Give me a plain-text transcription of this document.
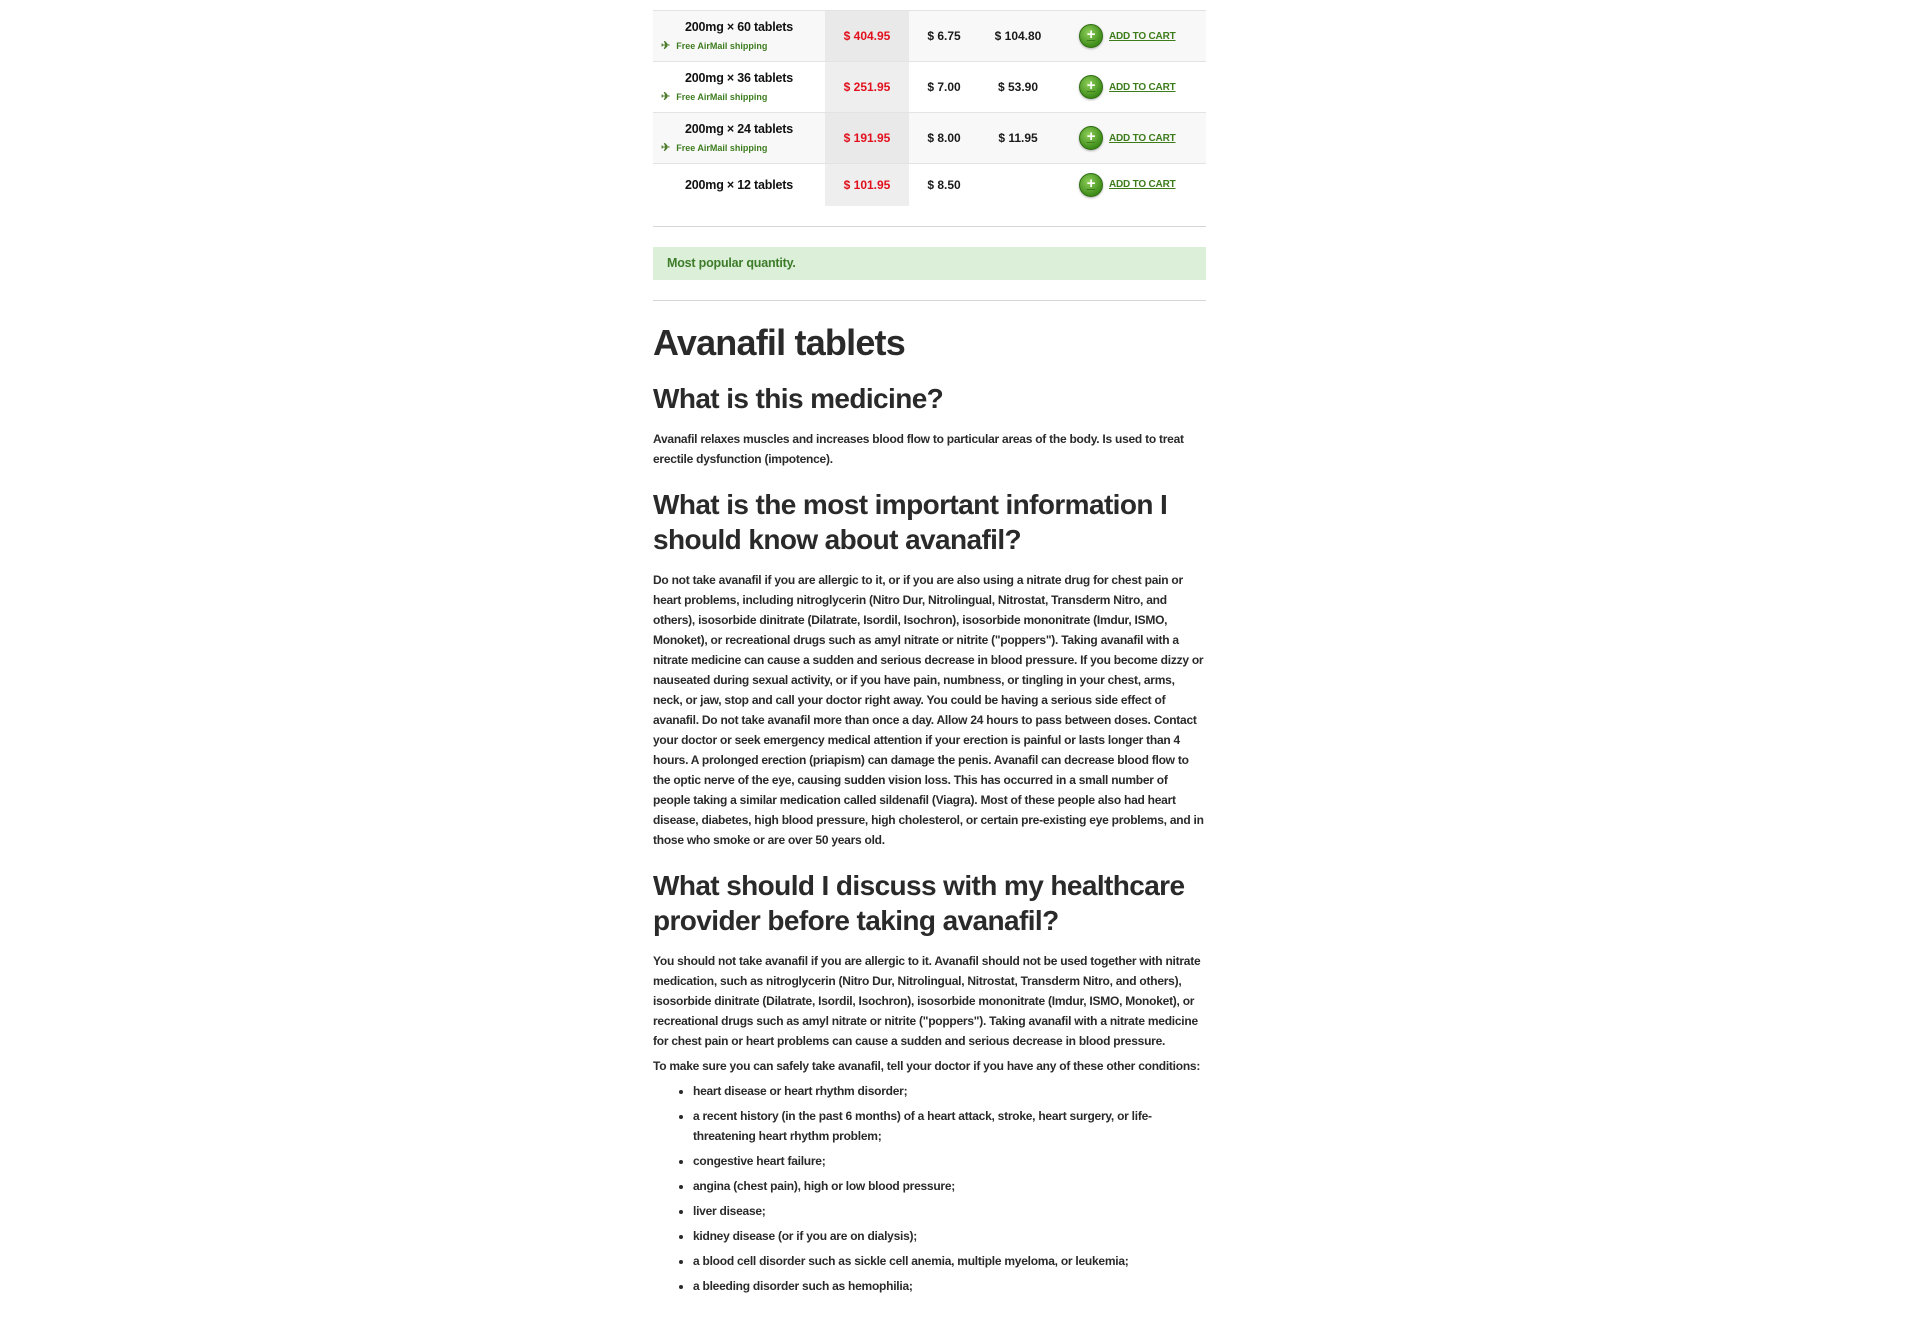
200mg × 60 tablets
✈ Free AirMail shipping	$ 404.95	$ 6.75	$ 104.80	+ ADD TO CART

200mg × 36 tablets
✈ Free AirMail shipping	$ 251.95	$ 7.00	$ 53.90	+ ADD TO CART

200mg × 24 tablets
✈ Free AirMail shipping	$ 191.95	$ 8.00	$ 11.95	+ ADD TO CART

200mg × 12 tablets	$ 101.95	$ 8.50		+ ADD TO CART
Most popular quantity.
Avanafil tablets
What is this medicine?

Avanafil relaxes muscles and increases blood flow to particular areas of the body. Is used to treat erectile dysfunction (impotence).

What is the most important information I should know about avanafil?

Do not take avanafil if you are allergic to it, or if you are also using a nitrate drug for chest pain or heart problems, including nitroglycerin (Nitro Dur, Nitrolingual, Nitrostat, Transderm Nitro, and others), isosorbide dinitrate (Dilatrate, Isordil, Isochron), isosorbide mononitrate (Imdur, ISMO, Monoket), or recreational drugs such as amyl nitrate or nitrite ("poppers"). Taking avanafil with a nitrate medicine can cause a sudden and serious decrease in blood pressure. If you become dizzy or nauseated during sexual activity, or if you have pain, numbness, or tingling in your chest, arms, neck, or jaw, stop and call your doctor right away. You could be having a serious side effect of avanafil. Do not take avanafil more than once a day. Allow 24 hours to pass between doses. Contact your doctor or seek emergency medical attention if your erection is painful or lasts longer than 4 hours. A prolonged erection (priapism) can damage the penis. Avanafil can decrease blood flow to the optic nerve of the eye, causing sudden vision loss. This has occurred in a small number of people taking a similar medication called sildenafil (Viagra). Most of these people also had heart disease, diabetes, high blood pressure, high cholesterol, or certain pre-existing eye problems, and in those who smoke or are over 50 years old.

What should I discuss with my healthcare provider before taking avanafil?

You should not take avanafil if you are allergic to it. Avanafil should not be used together with nitrate medication, such as nitroglycerin (Nitro Dur, Nitrolingual, Nitrostat, Transderm Nitro, and others), isosorbide dinitrate (Dilatrate, Isordil, Isochron), isosorbide mononitrate (Imdur, ISMO, Monoket), or recreational drugs such as amyl nitrate or nitrite ("poppers"). Taking avanafil with a nitrate medicine for chest pain or heart problems can cause a sudden and serious decrease in blood pressure.

To make sure you can safely take avanafil, tell your doctor if you have any of these other conditions:

• heart disease or heart rhythm disorder;
• a recent history (in the past 6 months) of a heart attack, stroke, heart surgery, or life-threatening heart rhythm problem;
• congestive heart failure;
• angina (chest pain), high or low blood pressure;
• liver disease;
• kidney disease (or if you are on dialysis);
• a blood cell disorder such as sickle cell anemia, multiple myeloma, or leukemia;
• a bleeding disorder such as hemophilia;
